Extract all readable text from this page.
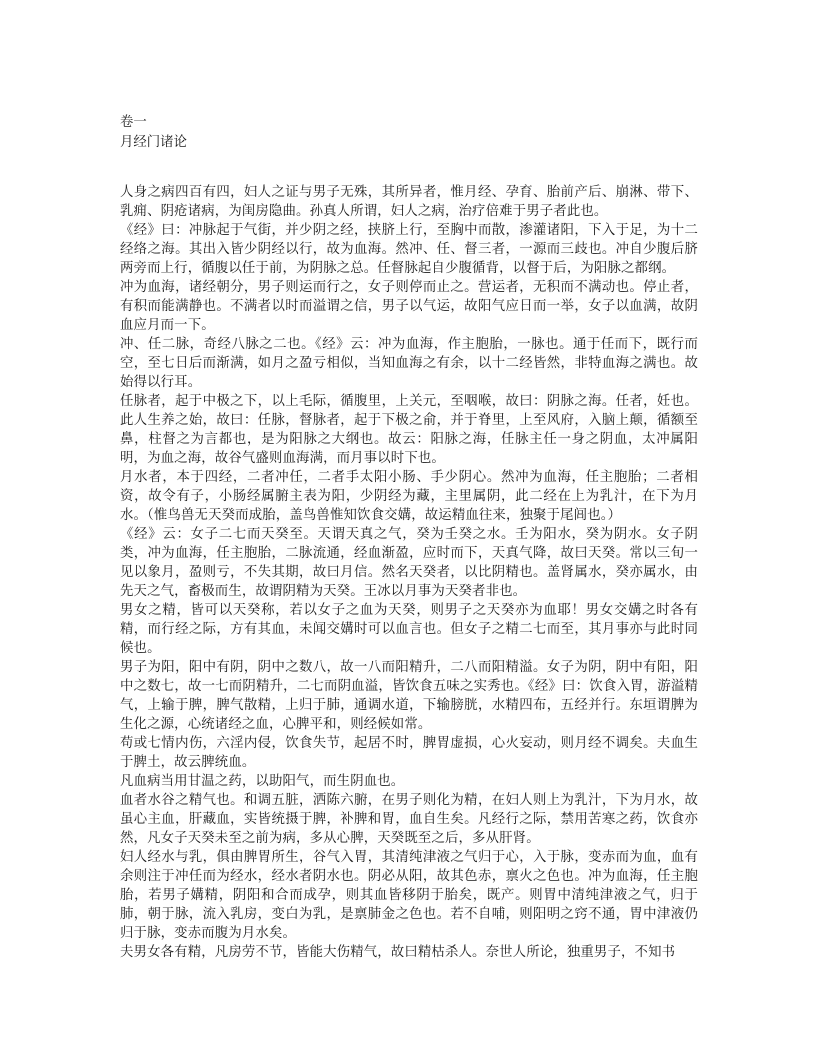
卷一

月经门诸论

人身之病四百有四，妇人之证与男子无殊，其所异者，惟月经、孕育、胎前产后、崩淋、带下、乳痈、阴疮诸病，为闺房隐曲。孙真人所谓，妇人之病，治疗倍难于男子者此也。

《经》曰：冲脉起于气街，并少阴之经，挟脐上行，至胸中而散，渗灌诸阳，下入于足，为十二经络之海。其出入皆少阴经以行，故为血海。然冲、任、督三者，一源而三歧也。冲自少腹后脐两旁而上行，循腹以任于前，为阴脉之总。任督脉起自少腹循背，以督于后，为阳脉之都纲。

冲为血海，诸经朝分，男子则运而行之，女子则停而止之。营运者，无积而不满动也。停止者，有积而能满静也。不满者以时而溢谓之信，男子以气运，故阳气应日而一举，女子以血满，故阴血应月而一下。

冲、任二脉，奇经八脉之二也。《经》云：冲为血海，作主胞胎，一脉也。通于任而下，既行而空，至七日后而渐满，如月之盈亏相似，当知血海之有余，以十二经皆然，非特血海之满也。故始得以行耳。

任脉者，起于中极之下，以上毛际，循腹里，上关元，至咽喉，故曰：阴脉之海。任者，妊也。此人生养之始，故曰：任脉，督脉者，起于下极之俞，并于脊里，上至风府，入脑上颠，循额至鼻，柱督之为言都也，是为阳脉之大纲也。故云：阳脉之海，任脉主任一身之阴血，太冲属阳明，为血之海，故谷气盛则血海满，而月事以时下也。

月水者，本于四经，二者冲任，二者手太阳小肠、手少阴心。然冲为血海，任主胞胎；二者相资，故令有子，小肠经属腑主表为阳，少阴经为藏，主里属阴，此二经在上为乳汁，在下为月水。（惟鸟兽无天癸而成胎，盖鸟兽惟知饮食交媾，故运精血往来，独聚于尾闾也。）

《经》云：女子二七而天癸至。天谓天真之气，癸为壬癸之水。壬为阳水，癸为阴水。女子阴类，冲为血海，任主胞胎，二脉流通，经血渐盈，应时而下，天真气降，故曰天癸。常以三旬一见以象月，盈则亏，不失其期，故曰月信。然名天癸者，以比阴精也。盖肾属水，癸亦属水，由先天之气，畜极而生，故谓阴精为天癸。王冰以月事为天癸者非也。

男女之精，皆可以天癸称，若以女子之血为天癸，则男子之天癸亦为血耶！男女交媾之时各有精，而行经之际，方有其血，未闻交媾时可以血言也。但女子之精二七而至，其月事亦与此时同候也。

男子为阳，阳中有阴，阴中之数八，故一八而阳精升，二八而阳精溢。女子为阴，阴中有阳，阳中之数七，故一七而阴精升，二七而阴血溢，皆饮食五味之实秀也。《经》曰：饮食入胃，游溢精气，上输于脾，脾气散精，上归于肺，通调水道，下输膀胱，水精四布，五经并行。东垣谓脾为生化之源，心统诸经之血，心脾平和，则经候如常。

苟或七情内伤，六淫内侵，饮食失节，起居不时，脾胃虚损，心火妄动，则月经不调矣。夫血生于脾土，故云脾统血。

凡血病当用甘温之药，以助阳气，而生阴血也。

血者水谷之精气也。和调五脏，洒陈六腑，在男子则化为精，在妇人则上为乳汁，下为月水，故虽心主血，肝藏血，实皆统摄于脾，补脾和胃，血自生矣。凡经行之际，禁用苦寒之药，饮食亦然，凡女子天癸未至之前为病，多从心脾，天癸既至之后，多从肝肾。

妇人经水与乳，俱由脾胃所生，谷气入胃，其清纯津液之气归于心，入于脉，变赤而为血，血有余则注于冲任而为经水，经水者阴水也。阴必从阳，故其色赤，禀火之色也。冲为血海，任主胞胎，若男子媾精，阴阳和合而成孕，则其血皆移阴于胎矣，既产。则胃中清纯津液之气，归于肺，朝于脉，流入乳房，变白为乳，是禀肺金之色也。若不自哺，则阳明之窍不通，胃中津液仍归于脉，变赤而腹为月水矣。

夫男女各有精，凡房劳不节，皆能大伤精气，故曰精枯杀人。奈世人所论，独重男子，不知书
